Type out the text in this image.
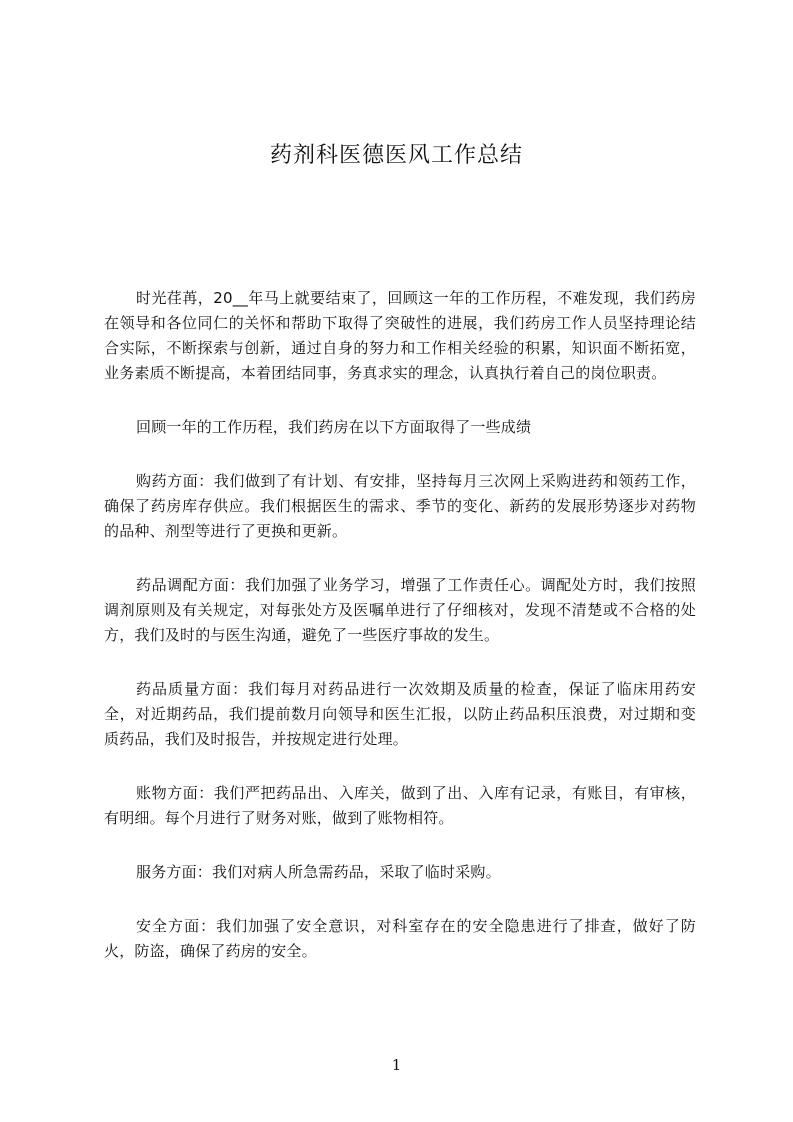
药剂科医德医风工作总结

时光荏苒，20__年马上就要结束了，回顾这一年的工作历程，不难发现，我们药房在领导和各位同仁的关怀和帮助下取得了突破性的进展，我们药房工作人员坚持理论结合实际，不断探索与创新，通过自身的努力和工作相关经验的积累，知识面不断拓宽，业务素质不断提高，本着团结同事，务真求实的理念，认真执行着自己的岗位职责。

回顾一年的工作历程，我们药房在以下方面取得了一些成绩

购药方面：我们做到了有计划、有安排，坚持每月三次网上采购进药和领药工作，确保了药房库存供应。我们根据医生的需求、季节的变化、新药的发展形势逐步对药物的品种、剂型等进行了更换和更新。

药品调配方面：我们加强了业务学习，增强了工作责任心。调配处方时，我们按照调剂原则及有关规定，对每张处方及医嘱单进行了仔细核对，发现不清楚或不合格的处方，我们及时的与医生沟通，避免了一些医疗事故的发生。

药品质量方面：我们每月对药品进行一次效期及质量的检查，保证了临床用药安全，对近期药品，我们提前数月向领导和医生汇报，以防止药品积压浪费，对过期和变质药品，我们及时报告，并按规定进行处理。

账物方面：我们严把药品出、入库关，做到了出、入库有记录，有账目，有审核，有明细。每个月进行了财务对账，做到了账物相符。

服务方面：我们对病人所急需药品，采取了临时采购。

安全方面：我们加强了安全意识，对科室存在的安全隐患进行了排查，做好了防火，防盗，确保了药房的安全。

1
